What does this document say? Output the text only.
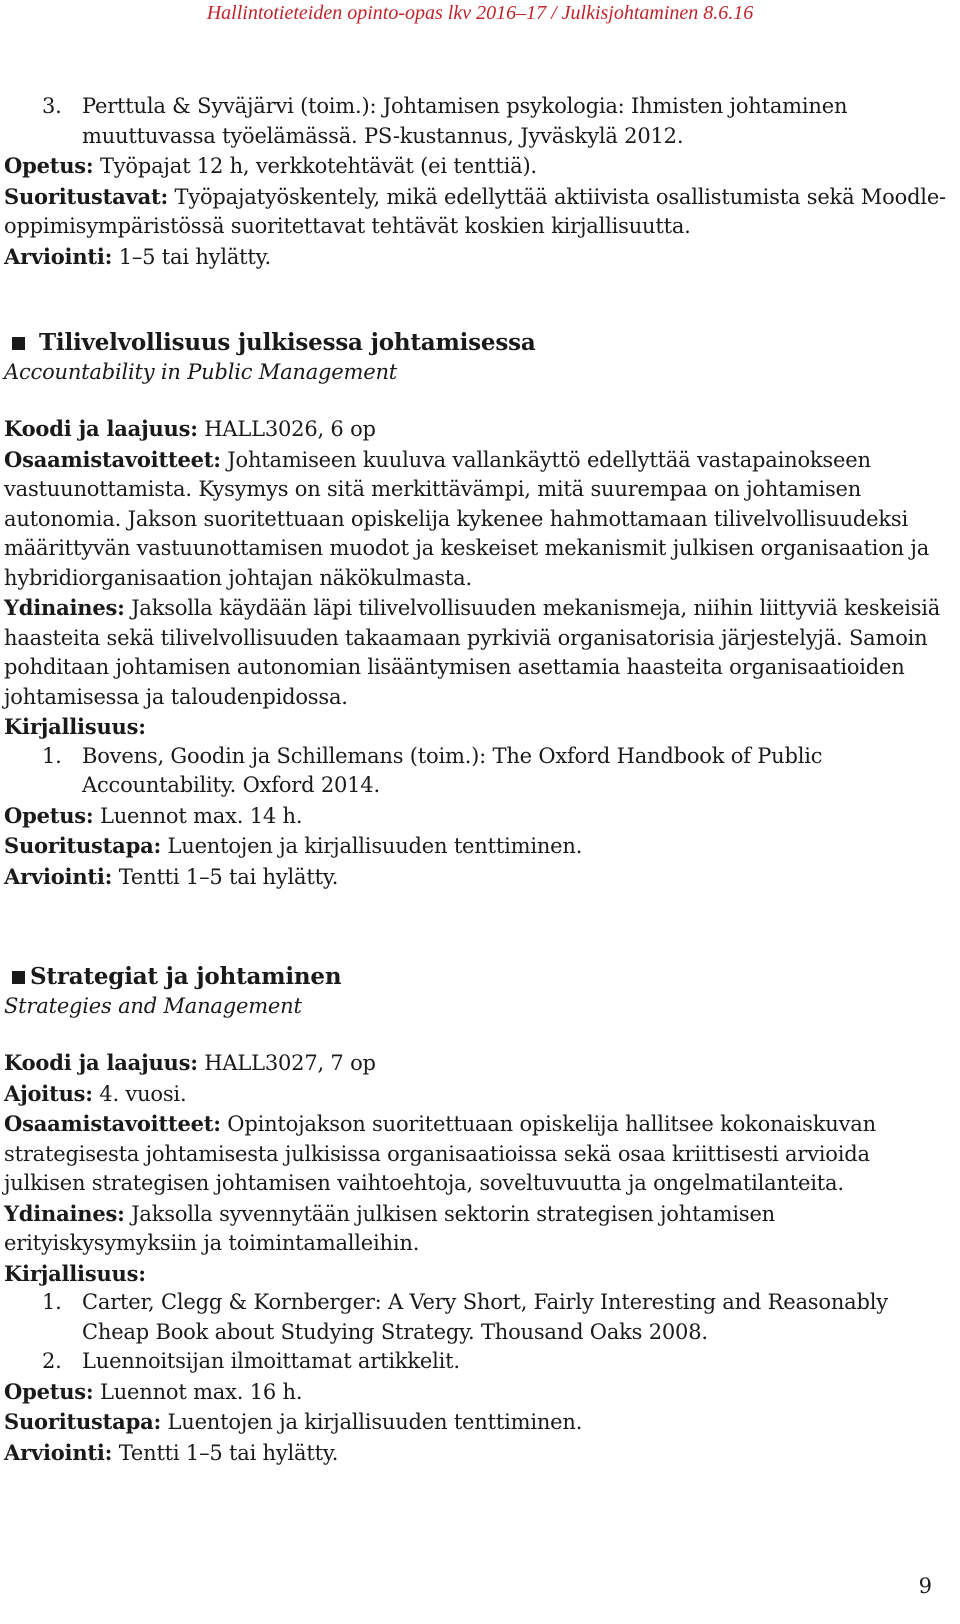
Hallintotieteiden opinto-opas lkv 2016–17 / Julkisjohtaminen 8.6.16
3. Perttula & Syväjärvi (toim.): Johtamisen psykologia: Ihmisten johtaminen muuttuvassa työelämässä. PS-kustannus, Jyväskylä 2012.

Opetus: Työpajat 12 h, verkkotehtävät (ei tenttiä).

Suoritustavat: Työpajatyöskentely, mikä edellyttää aktiivista osallistumista sekä Moodle-oppimisympäristössä suoritettavat tehtävät koskien kirjallisuutta.

Arviointi: 1–5 tai hylätty.

Tilivelvollisuus julkisessa johtamisessa

Accountability in Public Management

Koodi ja laajuus: HALL3026, 6 op

Osaamistavoitteet: Johtamiseen kuuluva vallankäyttö edellyttää vastapainokseen vastuunottamista. Kysymys on sitä merkittävämpi, mitä suurempaa on johtamisen autonomia. Jakson suoritettuaan opiskelija kykenee hahmottamaan tilivelvollisuudeksi määrittyvän vastuunottamisen muodot ja keskeiset mekanismit julkisen organisaation ja hybridiorganisaation johtajan näkökulmasta.

Ydinaines: Jaksolla käydään läpi tilivelvollisuuden mekanismeja, niihin liittyviä keskeisiä haasteita sekä tilivelvollisuuden takaamaan pyrkiviä organisatorisia järjestelyjä. Samoin pohditaan johtamisen autonomian lisääntymisen asettamia haasteita organisaatioiden johtamisessa ja taloudenpidossa.

Kirjallisuus:

1. Bovens, Goodin ja Schillemans (toim.): The Oxford Handbook of Public Accountability. Oxford 2014.

Opetus: Luennot max. 14 h.

Suoritustapa: Luentojen ja kirjallisuuden tenttiminen.

Arviointi: Tentti 1–5 tai hylätty.

Strategiat ja johtaminen

Strategies and Management

Koodi ja laajuus: HALL3027, 7 op

Ajoitus: 4. vuosi.

Osaamistavoitteet: Opintojakson suoritettuaan opiskelija hallitsee kokonaiskuvan strategisesta johtamisesta julkisissa organisaatioissa sekä osaa kriittisesti arvioida julkisen strategisen johtamisen vaihtoehtoja, soveltuvuutta ja ongelmatilanteita.

Ydinaines: Jaksolla syvennytään julkisen sektorin strategisen johtamisen erityiskysymyksiin ja toimintamalleihin.

Kirjallisuus:

1. Carter, Clegg & Kornberger: A Very Short, Fairly Interesting and Reasonably Cheap Book about Studying Strategy. Thousand Oaks 2008.
2. Luennoitsijan ilmoittamat artikkelit.

Opetus: Luennot max. 16 h.

Suoritustapa: Luentojen ja kirjallisuuden tenttiminen.

Arviointi: Tentti 1–5 tai hylätty.

9
